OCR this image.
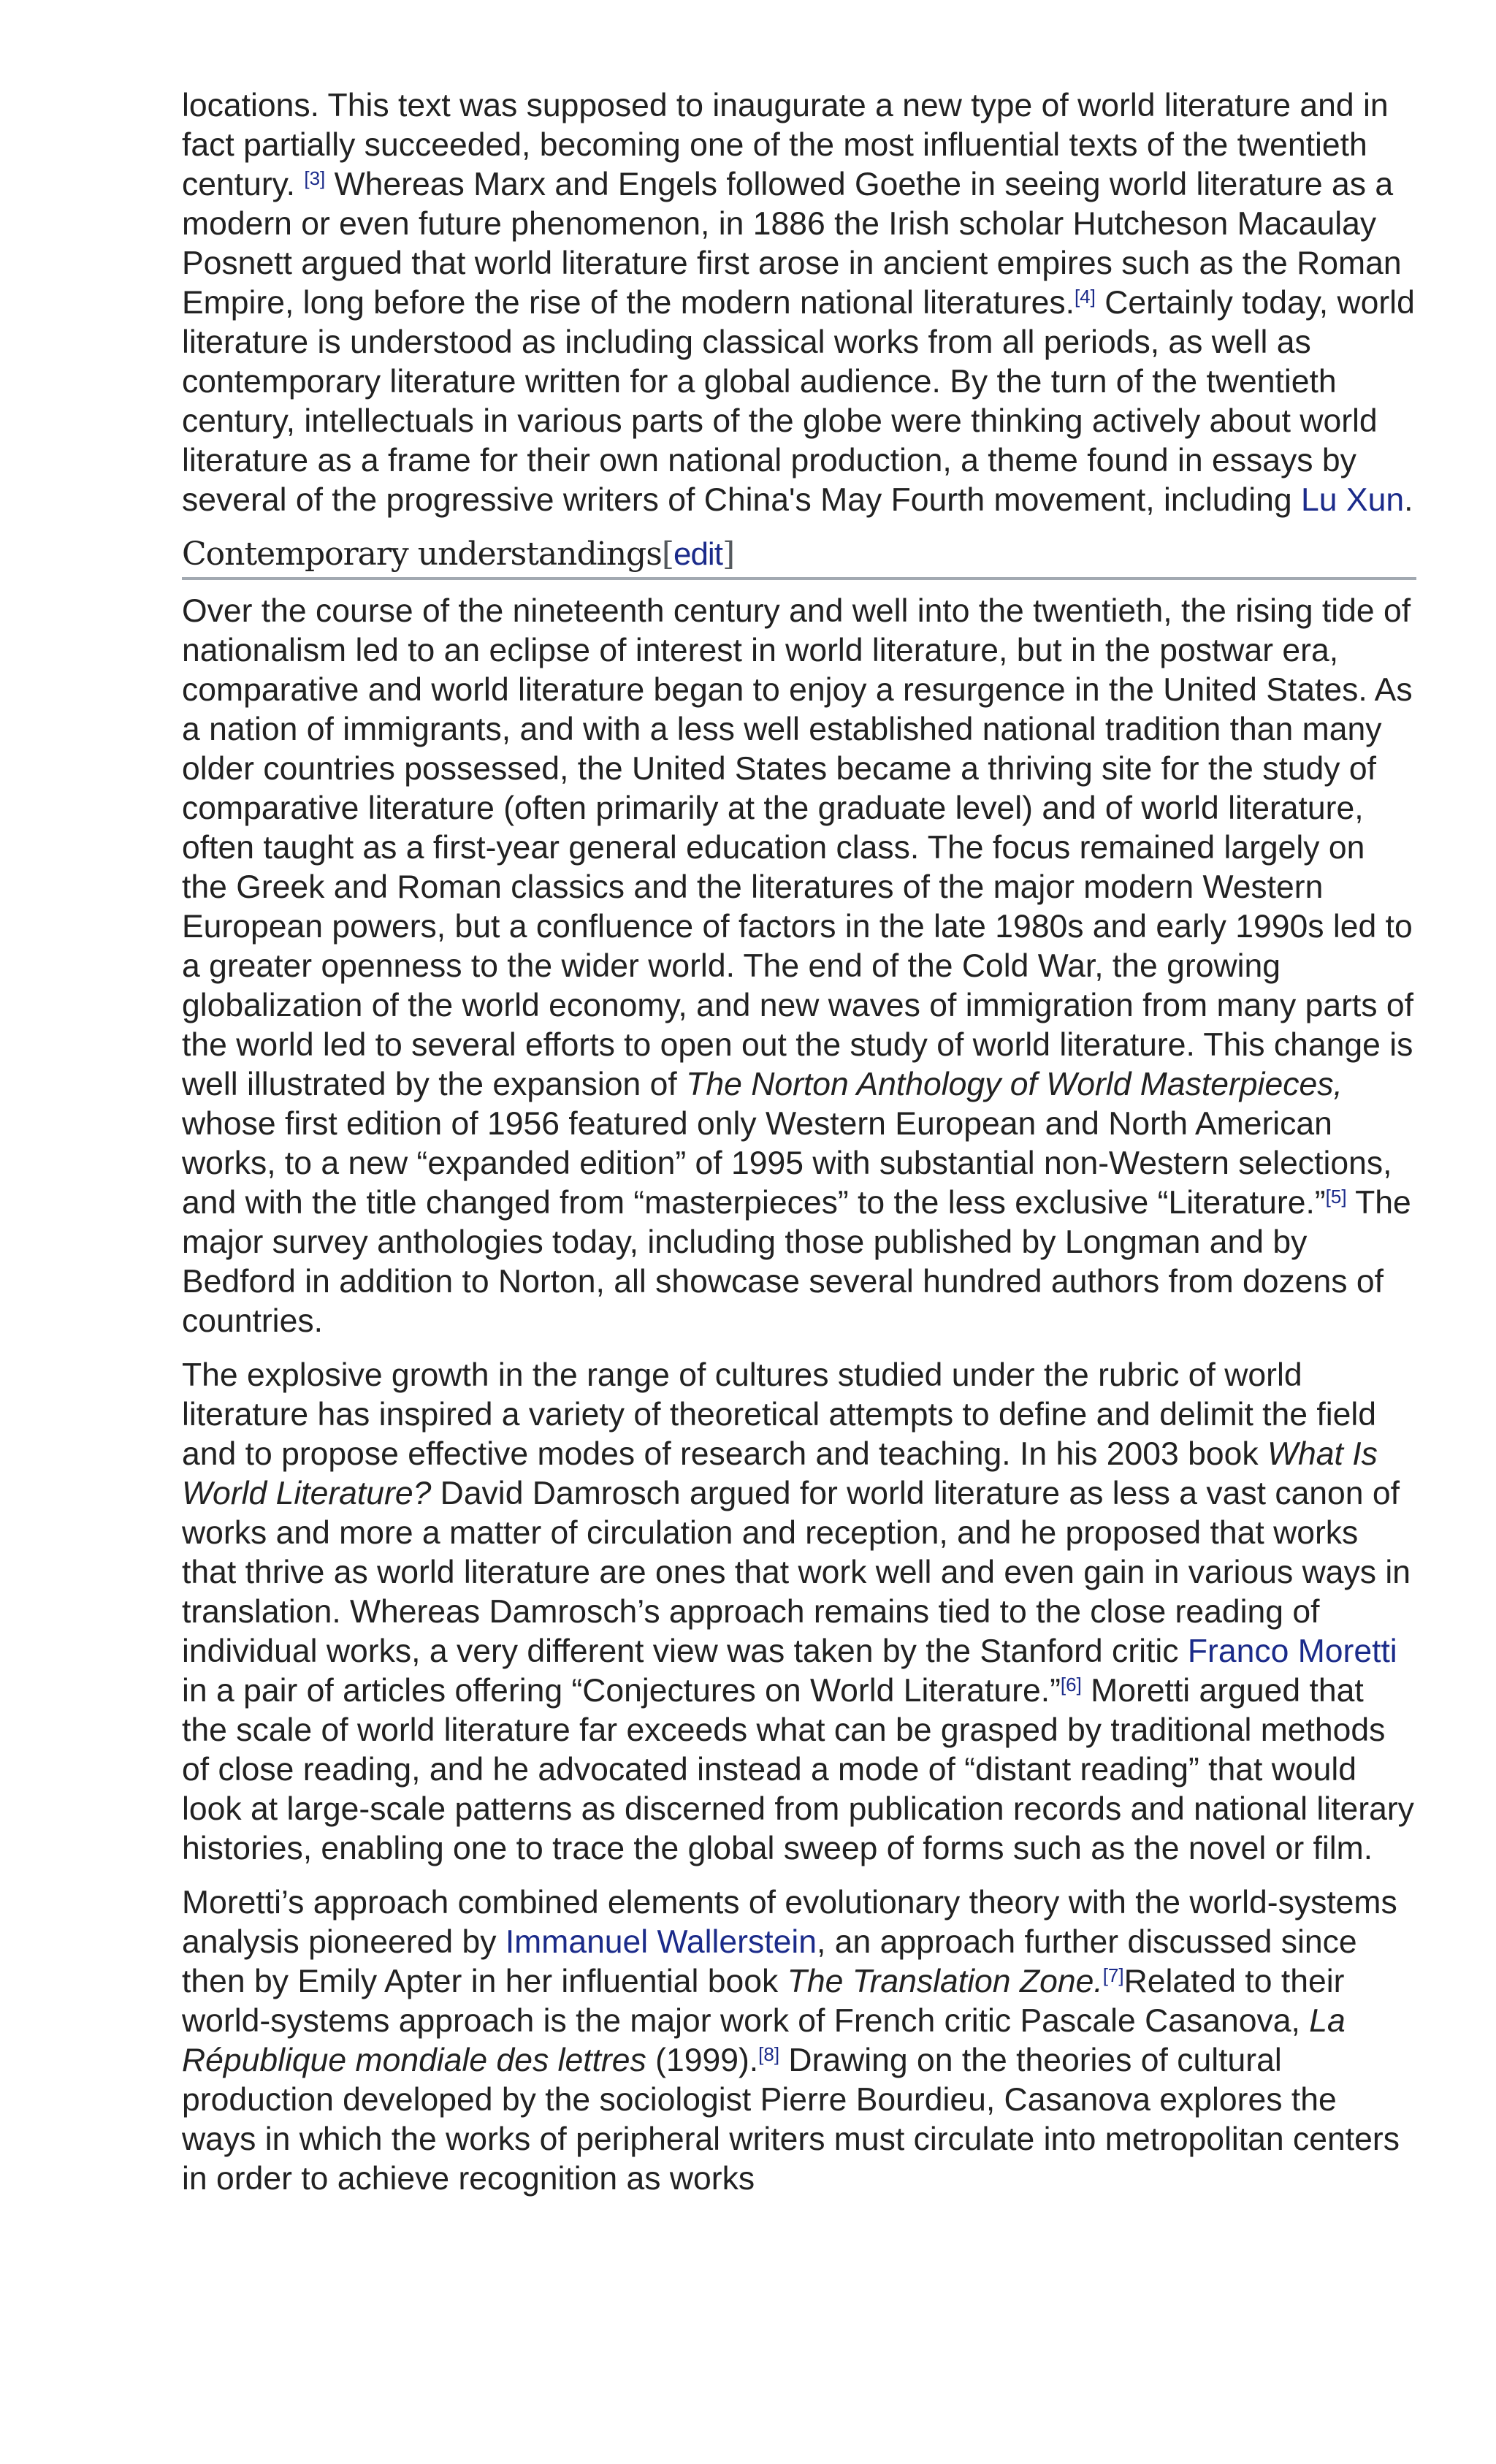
locations. This text was supposed to inaugurate a new type of world literature and in fact partially succeeded, becoming one of the most influential texts of the twentieth century. [3] Whereas Marx and Engels followed Goethe in seeing world literature as a modern or even future phenomenon, in 1886 the Irish scholar Hutcheson Macaulay Posnett argued that world literature first arose in ancient empires such as the Roman Empire, long before the rise of the modern national literatures.[4] Certainly today, world literature is understood as including classical works from all periods, as well as contemporary literature written for a global audience. By the turn of the twentieth century, intellectuals in various parts of the globe were thinking actively about world literature as a frame for their own national production, a theme found in essays by several of the progressive writers of China's May Fourth movement, including Lu Xun.

Contemporary understandings[edit]

Over the course of the nineteenth century and well into the twentieth, the rising tide of nationalism led to an eclipse of interest in world literature, but in the postwar era, comparative and world literature began to enjoy a resurgence in the United States. As a nation of immigrants, and with a less well established national tradition than many older countries possessed, the United States became a thriving site for the study of comparative literature (often primarily at the graduate level) and of world literature, often taught as a first-year general education class. The focus remained largely on the Greek and Roman classics and the literatures of the major modern Western European powers, but a confluence of factors in the late 1980s and early 1990s led to a greater openness to the wider world. The end of the Cold War, the growing globalization of the world economy, and new waves of immigration from many parts of the world led to several efforts to open out the study of world literature. This change is well illustrated by the expansion of The Norton Anthology of World Masterpieces, whose first edition of 1956 featured only Western European and North American works, to a new “expanded edition” of 1995 with substantial non-Western selections, and with the title changed from “masterpieces” to the less exclusive “Literature.”[5] The major survey anthologies today, including those published by Longman and by Bedford in addition to Norton, all showcase several hundred authors from dozens of countries.

The explosive growth in the range of cultures studied under the rubric of world literature has inspired a variety of theoretical attempts to define and delimit the field and to propose effective modes of research and teaching. In his 2003 book What Is World Literature? David Damrosch argued for world literature as less a vast canon of works and more a matter of circulation and reception, and he proposed that works that thrive as world literature are ones that work well and even gain in various ways in translation. Whereas Damrosch’s approach remains tied to the close reading of individual works, a very different view was taken by the Stanford critic Franco Moretti in a pair of articles offering “Conjectures on World Literature.”[6] Moretti argued that the scale of world literature far exceeds what can be grasped by traditional methods of close reading, and he advocated instead a mode of “distant reading” that would look at large-scale patterns as discerned from publication records and national literary histories, enabling one to trace the global sweep of forms such as the novel or film.

Moretti’s approach combined elements of evolutionary theory with the world-systems analysis pioneered by Immanuel Wallerstein, an approach further discussed since then by Emily Apter in her influential book The Translation Zone.[7]Related to their world-systems approach is the major work of French critic Pascale Casanova, La République mondiale des lettres (1999).[8] Drawing on the theories of cultural production developed by the sociologist Pierre Bourdieu, Casanova explores the ways in which the works of peripheral writers must circulate into metropolitan centers in order to achieve recognition as works
